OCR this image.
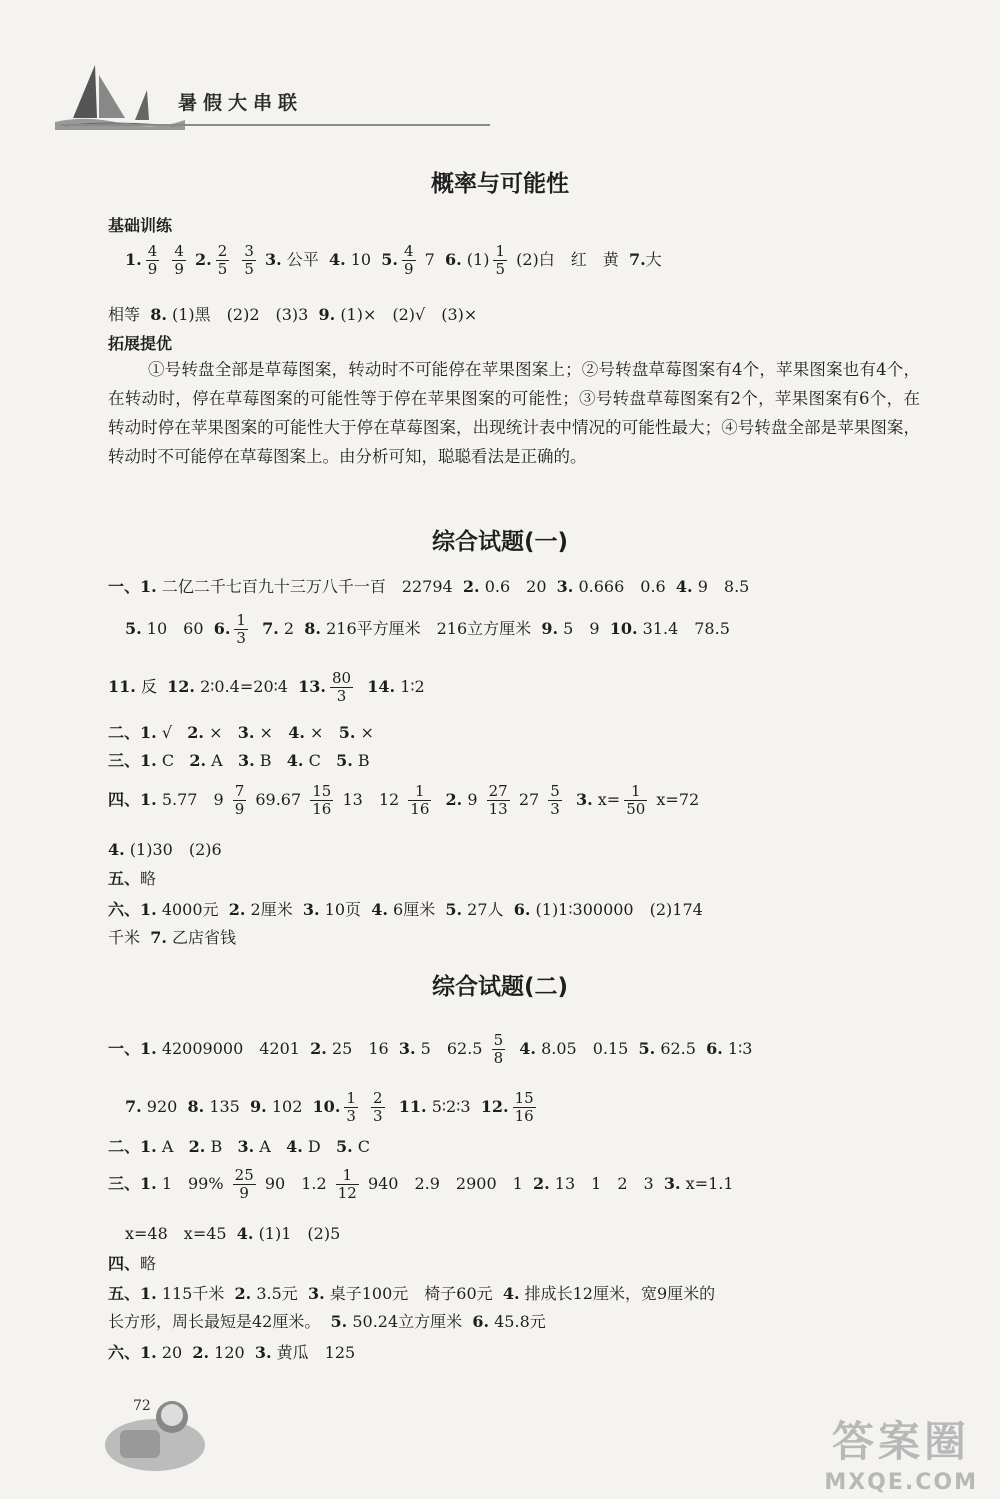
暑假大串联
概率与可能性
基础训练
1. $\frac{4}{9}$
$\frac{4}{9} 2$. $\frac{2}{5}$
$\frac{3}{5} 3$. 公平 4. 10 5. $\frac{4}{9} 7$ 6. $(1) \frac{1}{5} (2)$白　红　黄 7.大
相等 8. (1)黑　(2)2　(3)3 9. (1)×　(2)√　(3)×
拓展提优
①号转盘全部是草莓图案，转动时不可能停在苹果图案上；②号转盘草莓图案有4个，苹果图案也有4个，在转动时，停在草莓图案的可能性等于停在苹果图案的可能性；③号转盘草莓图案有2个，苹果图案有6个，在转动时停在苹果图案的可能性大于停在草莓图案，出现统计表中情况的可能性最大；④号转盘全部是苹果图案，转动时不可能停在草莓图案上。由分析可知，聪聪看法是正确的。
综合试题(一)
一、1. 二亿二千七百九十三万八千一百　22794 2. 0.6　20 3. 0.666　0.6 4. 9　8.5
5. 10　60 6. $\frac{1}{3} 7$. 2 8. 216平方厘米　216立方厘米 9. 5　9 10. 31.4　78.5
11. 反 12. 2∶0.4=20∶4 13. $\frac{80}{3} 14$. 1∶2
二、1. √ 2. × 3. × 4. × 5. ×
三、1. C 2. A 3. B 4. C 5. B
四、1. 5.77　$9 \frac{7}{9} 69.67 \frac{15}{16} 13$　$12 \frac{1}{16} 2$. $9 \frac{27}{13} 27 \frac{5}{3} 3$. $x= \frac{1}{50} x=72$
4. (1)30　(2)6
五、略
六、1. 4000元 2. 2厘米 3. 10页 4. 6厘米 5. 27人 6. (1)1∶300000　(2)174
千米 7. 乙店省钱
综合试题(二)
一、1. 42009000　4201 2. 25　16 3. 5　$62.5 \frac{5}{8} 4$. 8.05　0.15 5. 62.5 6. 1∶3
7. 920 8. 135 9. 102 10. $\frac{1}{3}$
$\frac{2}{3} 11$. 5∶2∶3 12. $\frac{15}{16}$
二、1. A 2. B 3. A 4. D 5. C
三、1. 1　$99\% \frac{25}{9} 90$　$1.2 \frac{1}{12} 940$　2.9　2900　1 2. 13　1　2　3 3. x=1.1
x=48　x=45 4. (1)1　(2)5
四、略
五、1. 115千米 2. 3.5元 3. 桌子100元　椅子60元 4. 排成长12厘米，宽9厘米的
长方形，周长最短是42厘米。 5. 50.24立方厘米 6. 45.8元
六、1. 20 2. 120 3. 黄瓜　125
72
答案圈
MXQE.COM
